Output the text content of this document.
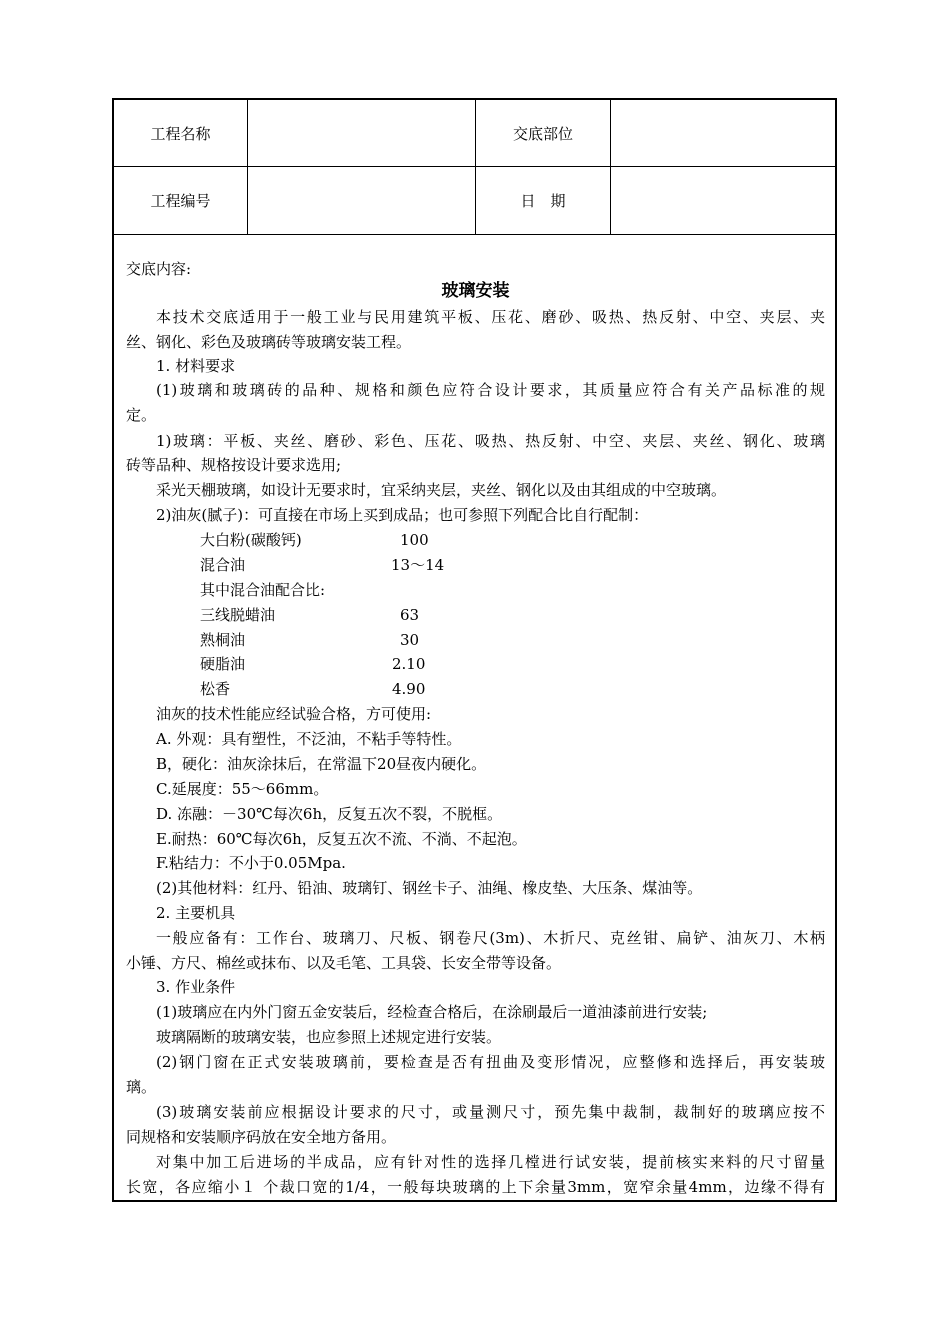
工程名称	交底部位
工程编号	日　期
交底内容:
玻璃安装
本技术交底适用于一般工业与民用建筑平板、压花、磨砂、吸热、热反射、中空、夹层、夹
丝、钢化、彩色及玻璃砖等玻璃安装工程。
1. 材料要求
(1)玻璃和玻璃砖的品种、规格和颜色应符合设计要求，其质量应符合有关产品标准的规
定。
1)玻璃：平板、夹丝、磨砂、彩色、压花、吸热、热反射、中空、夹层、夹丝、钢化、玻璃
砖等品种、规格按设计要求选用;
采光天棚玻璃，如设计无要求时，宜采纳夹层，夹丝、钢化以及由其组成的中空玻璃。
2)油灰(腻子)：可直接在市场上买到成品；也可参照下列配合比自行配制：
大白粉(碳酸钙)	100
混合油	13～14
其中混合油配合比:
三线脱蜡油	63
熟桐油	30
硬脂油	2.10
松香	4.90
油灰的技术性能应经试验合格，方可使用:
A. 外观：具有塑性，不泛油，不粘手等特性。
B，硬化：油灰涂抹后，在常温下20昼夜内硬化。
C.延展度：55～66mm。
D. 冻融：－30℃每次6h，反复五次不裂，不脱框。
E.耐热：60℃每次6h，反复五次不流、不淌、不起泡。
F.粘结力：不小于0.05Mpa.
(2)其他材料：红丹、铅油、玻璃钉、钢丝卡子、油绳、橡皮垫、大压条、煤油等。
2. 主要机具
一般应备有：工作台、玻璃刀、尺板、钢卷尺(3m)、木折尺、克丝钳、扁铲、油灰刀、木柄
小锤、方尺、棉丝或抹布、以及毛笔、工具袋、长安全带等设备。
3. 作业条件
(1)玻璃应在内外门窗五金安装后，经检查合格后，在涂刷最后一道油漆前进行安装;
玻璃隔断的玻璃安装，也应参照上述规定进行安装。
(2)钢门窗在正式安装玻璃前，要检查是否有扭曲及变形情况，应整修和选择后，再安装玻
璃。
(3)玻璃安装前应根据设计要求的尺寸，或量测尺寸，预先集中裁制，裁制好的玻璃应按不
同规格和安装顺序码放在安全地方备用。
对集中加工后进场的半成品，应有针对性的选择几樘进行试安装，提前核实来料的尺寸留量
长宽，各应缩小１ 个裁口宽的1/4，一般每块玻璃的上下余量3mm，宽窄余量4mm，边缘不得有
